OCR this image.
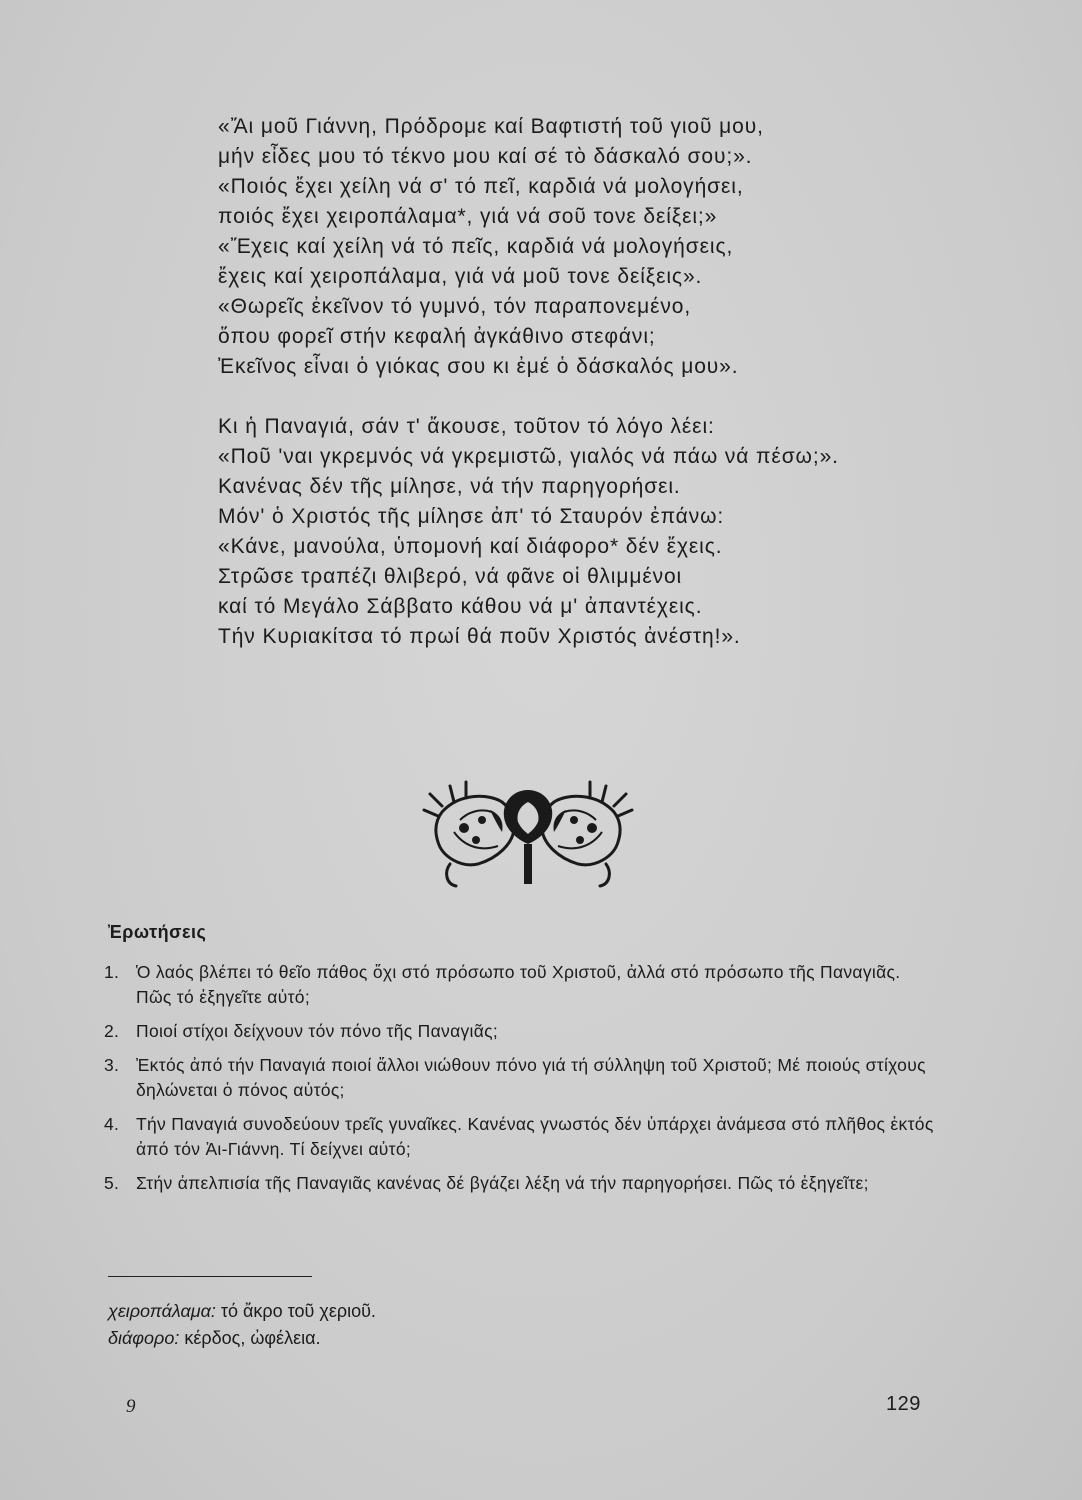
«Ἄι μοῦ Γιάννη, Πρόδρομε καί Βαφτιστή τοῦ γιοῦ μου,
μήν εἶδες μου τό τέκνο μου καί σέ τὸ δάσκαλό σου;».
«Ποιός ἔχει χείλη νά σ' τό πεῖ, καρδιά νά μολογήσει,
ποιός ἔχει χειροπάλαμα*, γιά νά σοῦ τονε δείξει;»
«Ἔχεις καί χείλη νά τό πεῖς, καρδιά νά μολογήσεις,
ἔχεις καί χειροπάλαμα, γιά νά μοῦ τονε δείξεις».
«Θωρεῖς ἐκεῖνον τό γυμνό, τόν παραπονεμένο,
ὅπου φορεῖ στήν κεφαλή ἀγκάθινο στεφάνι;
Ἐκεῖνος εἶναι ὁ γιόκας σου κι ἐμέ ὁ δάσκαλός μου».
Κι ἡ Παναγιά, σάν τ' ἄκουσε, τοῦτον τό λόγο λέει:
«Ποῦ 'ναι γκρεμνός νά γκρεμιστῶ, γιαλός νά πάω νά πέσω;».
Κανένας δέν τῆς μίλησε, νά τήν παρηγορήσει.
Μόν' ὁ Χριστός τῆς μίλησε ἀπ' τό Σταυρόν ἐπάνω:
«Κάνε, μανούλα, ὑπομονή καί διάφορο* δέν ἔχεις.
Στρῶσε τραπέζι θλιβερό, νά φᾶνε οἱ θλιμμένοι
καί τό Μεγάλο Σάββατο κάθου νά μ' ἀπαντέχεις.
Τήν Κυριακίτσα τό πρωί θά ποῦν Χριστός ἀνέστη!».
Ἐρωτήσεις
1. Ὁ λαός βλέπει τό θεῖο πάθος ὄχι στό πρόσωπο τοῦ Χριστοῦ, ἀλλά στό πρόσωπο τῆς Παναγιᾶς. Πῶς τό ἐξηγεῖτε αὐτό;
2. Ποιοί στίχοι δείχνουν τόν πόνο τῆς Παναγιᾶς;
3. Ἐκτός ἀπό τήν Παναγιά ποιοί ἄλλοι νιώθουν πόνο γιά τή σύλληψη τοῦ Χριστοῦ; Μέ ποιούς στίχους δηλώνεται ὁ πόνος αὐτός;
4. Τήν Παναγιά συνοδεύουν τρεῖς γυναῖκες. Κανένας γνωστός δέν ὑπάρχει ἀνάμεσα στό πλῆθος ἐκτός ἀπό τόν Ἀι-Γιάννη. Τί δείχνει αὐτό;
5. Στήν ἀπελπισία τῆς Παναγιᾶς κανένας δέ βγάζει λέξη νά τήν παρηγορήσει. Πῶς τό ἐξηγεῖτε;
χειροπάλαμα: τό ἄκρο τοῦ χεριοῦ.
διάφορο: κέρδος, ὠφέλεια.
9	129
